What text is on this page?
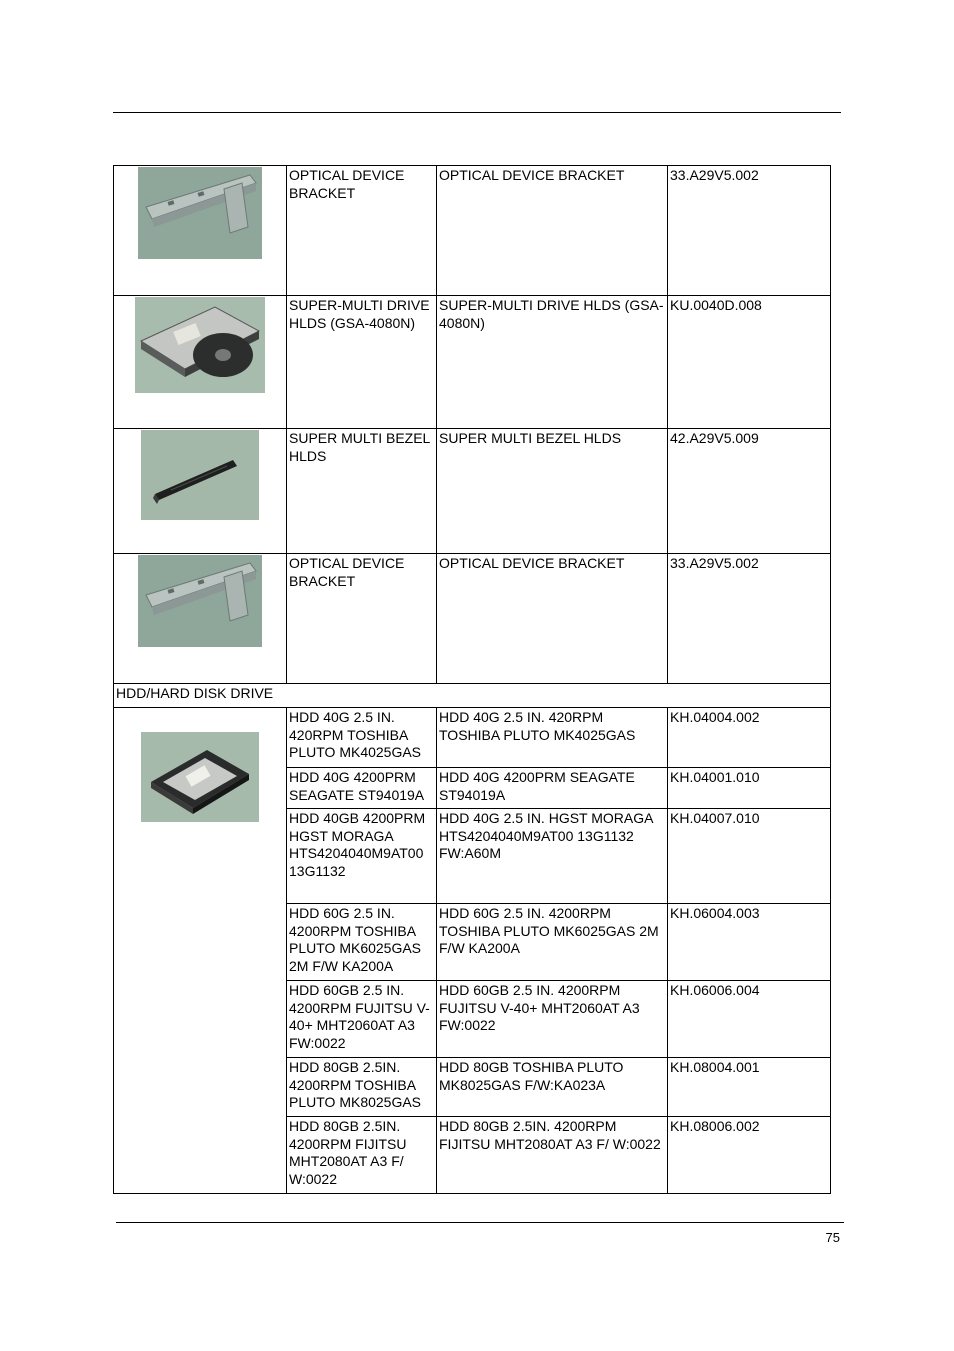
	OPTICAL DEVICE BRACKET	OPTICAL DEVICE BRACKET	33.A29V5.002

	SUPER-MULTI DRIVE HLDS (GSA-4080N)	SUPER-MULTI DRIVE HLDS (GSA-4080N)	KU.0040D.008

	SUPER MULTI BEZEL HLDS	SUPER MULTI BEZEL HLDS	42.A29V5.009

	OPTICAL DEVICE BRACKET	OPTICAL DEVICE BRACKET	33.A29V5.002
HDD/HARD DISK DRIVE			

	HDD 40G 2.5 IN. 420RPM TOSHIBA PLUTO MK4025GAS	HDD 40G 2.5 IN. 420RPM TOSHIBA PLUTO MK4025GAS	KH.04004.002
	HDD 40G 4200PRM SEAGATE ST94019A	HDD 40G 4200PRM SEAGATE ST94019A	KH.04001.010
	HDD 40GB 4200PRM HGST MORAGA HTS4204040M9AT00 13G1132	HDD 40G 2.5 IN. HGST MORAGA HTS4204040M9AT00 13G1132 FW:A60M	KH.04007.010
	HDD 60G 2.5 IN. 4200RPM TOSHIBA PLUTO MK6025GAS 2M F/W KA200A	HDD 60G 2.5 IN. 4200RPM TOSHIBA PLUTO MK6025GAS 2M F/W KA200A	KH.06004.003
	HDD 60GB 2.5 IN. 4200RPM FUJITSU V-40+ MHT2060AT A3 FW:0022	HDD 60GB 2.5 IN. 4200RPM FUJITSU V-40+ MHT2060AT A3 FW:0022	KH.06006.004
	HDD 80GB 2.5IN. 4200RPM TOSHIBA PLUTO MK8025GAS	HDD 80GB TOSHIBA PLUTO MK8025GAS F/W:KA023A	KH.08004.001
	HDD 80GB 2.5IN. 4200RPM FIJITSU MHT2080AT A3 F/ W:0022	HDD 80GB 2.5IN. 4200RPM FIJITSU MHT2080AT A3 F/ W:0022	KH.08006.002
75
